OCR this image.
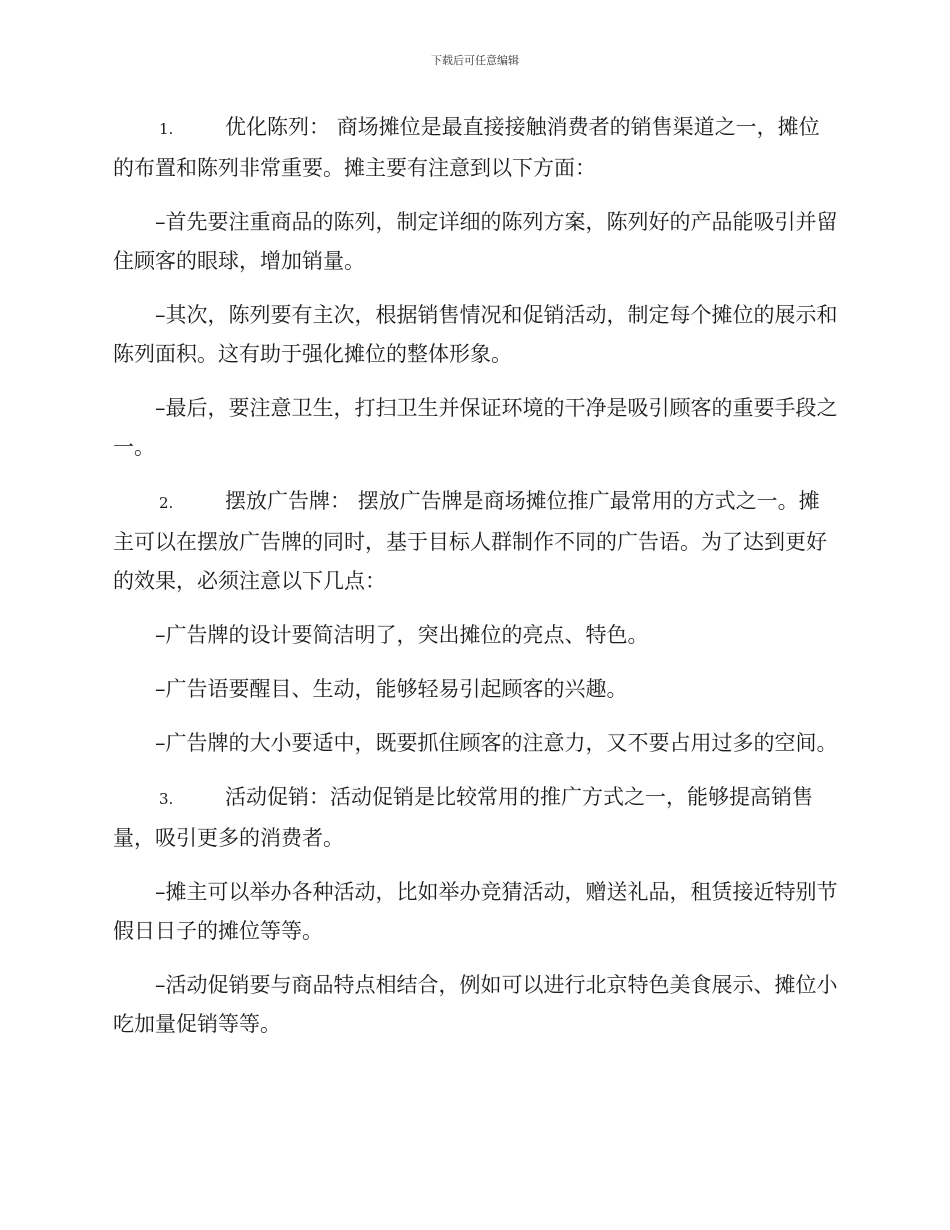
下载后可任意编辑

1. 优化陈列： 商场摊位是最直接接触消费者的销售渠道之一，摊位的布置和陈列非常重要。摊主要有注意到以下方面：

–首先要注重商品的陈列，制定详细的陈列方案，陈列好的产品能吸引并留住顾客的眼球，增加销量。

–其次，陈列要有主次，根据销售情况和促销活动，制定每个摊位的展示和陈列面积。这有助于强化摊位的整体形象。

–最后，要注意卫生，打扫卫生并保证环境的干净是吸引顾客的重要手段之一。

2. 摆放广告牌： 摆放广告牌是商场摊位推广最常用的方式之一。摊主可以在摆放广告牌的同时，基于目标人群制作不同的广告语。为了达到更好的效果，必须注意以下几点：

–广告牌的设计要简洁明了，突出摊位的亮点、特色。

–广告语要醒目、生动，能够轻易引起顾客的兴趣。

–广告牌的大小要适中，既要抓住顾客的注意力，又不要占用过多的空间。

3. 活动促销：活动促销是比较常用的推广方式之一，能够提高销售量，吸引更多的消费者。

–摊主可以举办各种活动，比如举办竞猜活动，赠送礼品，租赁接近特别节假日日子的摊位等等。

–活动促销要与商品特点相结合，例如可以进行北京特色美食展示、摊位小吃加量促销等等。
